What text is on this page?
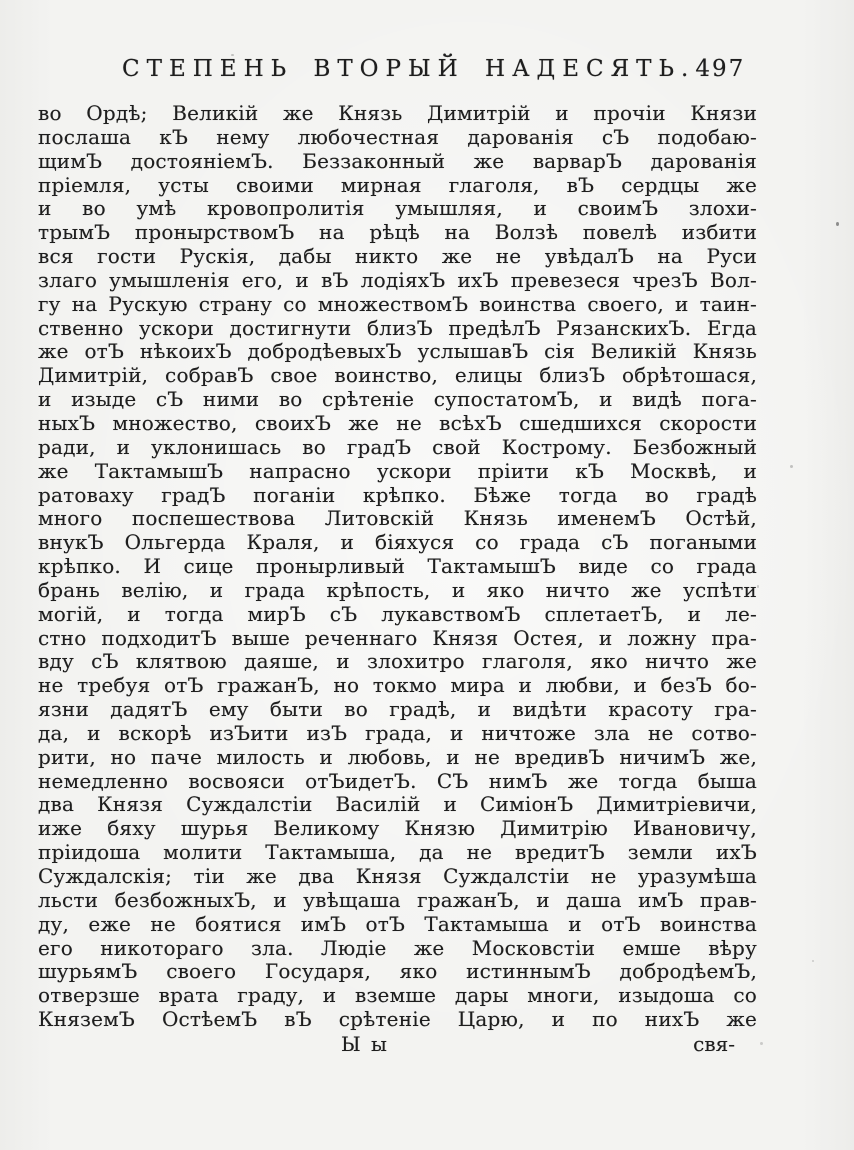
СТЕПЕНЬ ВТОРЫЙ НАДЕСЯТЬ. 497
во Ордѣ; Великій же Князь Димитрій и прочіи Князи
послаша кЪ нему любочестная дарованія сЪ подобаю-
щимЪ достояніемЪ. Беззаконный же варварЪ дарованія
пріемля, усты своими мирная глаголя, вЪ сердцы же
и во умѣ кровопролитія умышляя, и своимЪ злохи-
трымЪ пронырствомЪ на рѣцѣ на Волзѣ повелѣ избити
вся гости Рускія, дабы никто же не увѣдалЪ на Руси
злаго умышленія его, и вЪ лодіяхЪ ихЪ превезеся чрезЪ Вол-
гу на Рускую страну со множествомЪ воинства своего, и таин-
ственно ускори достигнути близЪ предѣлЪ РязанскихЪ. Егда
же отЪ нѣкоихЪ добродѣевыхЪ услышавЪ сія Великій Князь
Димитрій, собравЪ свое воинство, елицы близЪ обрѣтошася,
и изыде сЪ ними во срѣтеніе супостатомЪ, и видѣ пога-
ныхЪ множество, своихЪ же не всѣхЪ сшедшихся скорости
ради, и уклонишась во градЪ свой Кострому. Безбожный
же ТактамышЪ напрасно ускори пріити кЪ Москвѣ, и
ратоваху градЪ поганіи крѣпко. Бѣже тогда во градѣ
много поспешествова Литовскій Князь именемЪ Остѣй,
внукЪ Ольгерда Краля, и біяхуся со града сЪ погаными
крѣпко. И сице пронырливый ТактамышЪ виде со града
брань велію, и града крѣпость, и яко ничто же успѣти
могій, и тогда мирЪ сЪ лукавствомЪ сплетаетЪ, и ле-
стно подходитЪ выше реченнаго Князя Остея, и ложну пра-
вду сЪ клятвою даяше, и злохитро глаголя, яко ничто же
не требуя отЪ гражанЪ, но токмо мира и любви, и безЪ бо-
язни дадятЪ ему быти во градѣ, и видѣти красоту гра-
да, и вскорѣ изЪити изЪ града, и ничтоже зла не сотво-
рити, но паче милость и любовь, и не вредивЪ ничимЪ же,
немедленно восвояси отЪидетЪ. СЪ нимЪ же тогда быша
два Князя Суждалстіи Василій и СиміонЪ Димитріевичи,
иже бяху шурья Великому Князю Димитрію Ивановичу,
пріидоша молити Тактамыша, да не вредитЪ земли ихЪ
Суждалскія; тіи же два Князя Суждалстіи не уразумѣша
льсти безбожныхЪ, и увѣщаша гражанЪ, и даша имЪ прав-
ду, еже не боятися имЪ отЪ Тактамыша и отЪ воинства
его никотораго зла. Людіе же Московстіи емше вѣру
шурьямЪ своего Государя, яко истиннымЪ добродѣемЪ,
отверзше врата граду, и вземше дары многи, изыдоша со
КняземЪ ОстѣемЪ вЪ срѣтеніе Царю, и по нихЪ же
Ы ы	свя-
